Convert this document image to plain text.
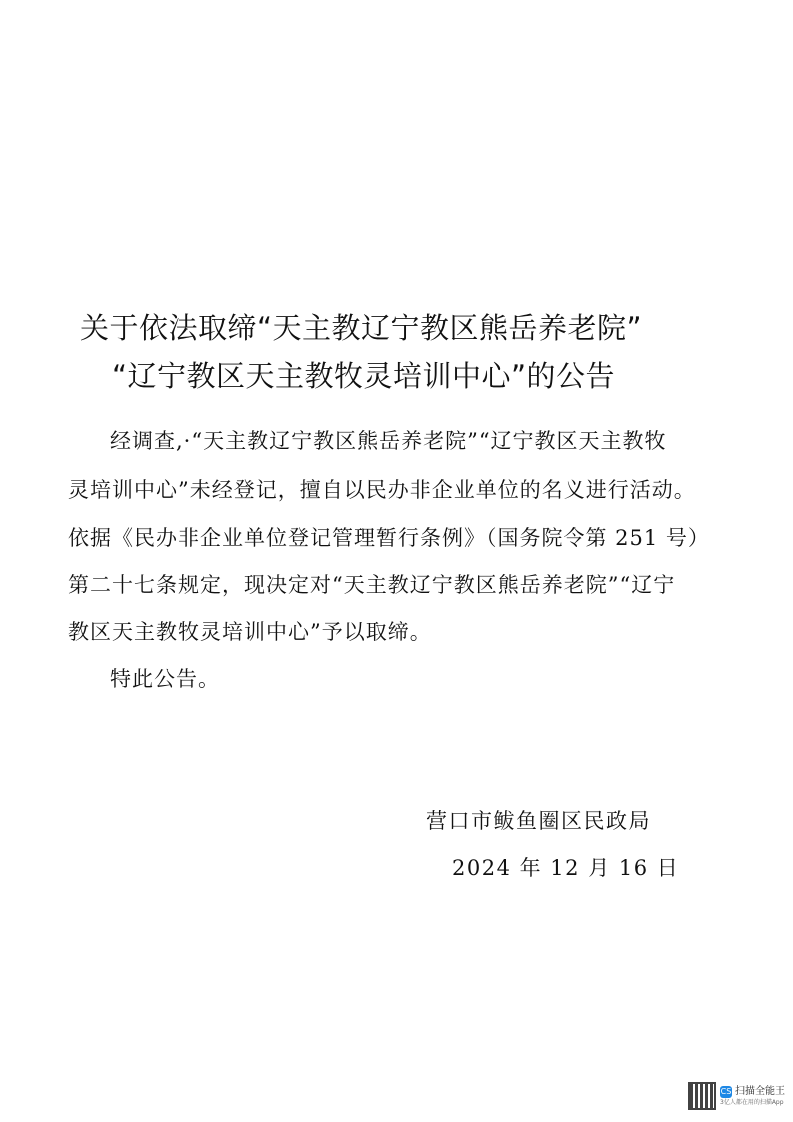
关于依法取缔“天主教辽宁教区熊岳养老院”
“辽宁教区天主教牧灵培训中心”的公告
经调查,·“天主教辽宁教区熊岳养老院”“辽宁教区天主教牧
灵培训中心”未经登记，擅自以民办非企业单位的名义进行活动。
依据《民办非企业单位登记管理暂行条例》（国务院令第 251 号）
第二十七条规定，现决定对“天主教辽宁教区熊岳养老院”“辽宁
教区天主教牧灵培训中心”予以取缔。
特此公告。
营口市鲅鱼圈区民政局
2024 年 12 月 16 日
CS 扫描全能王
3亿人都在用的扫描App
